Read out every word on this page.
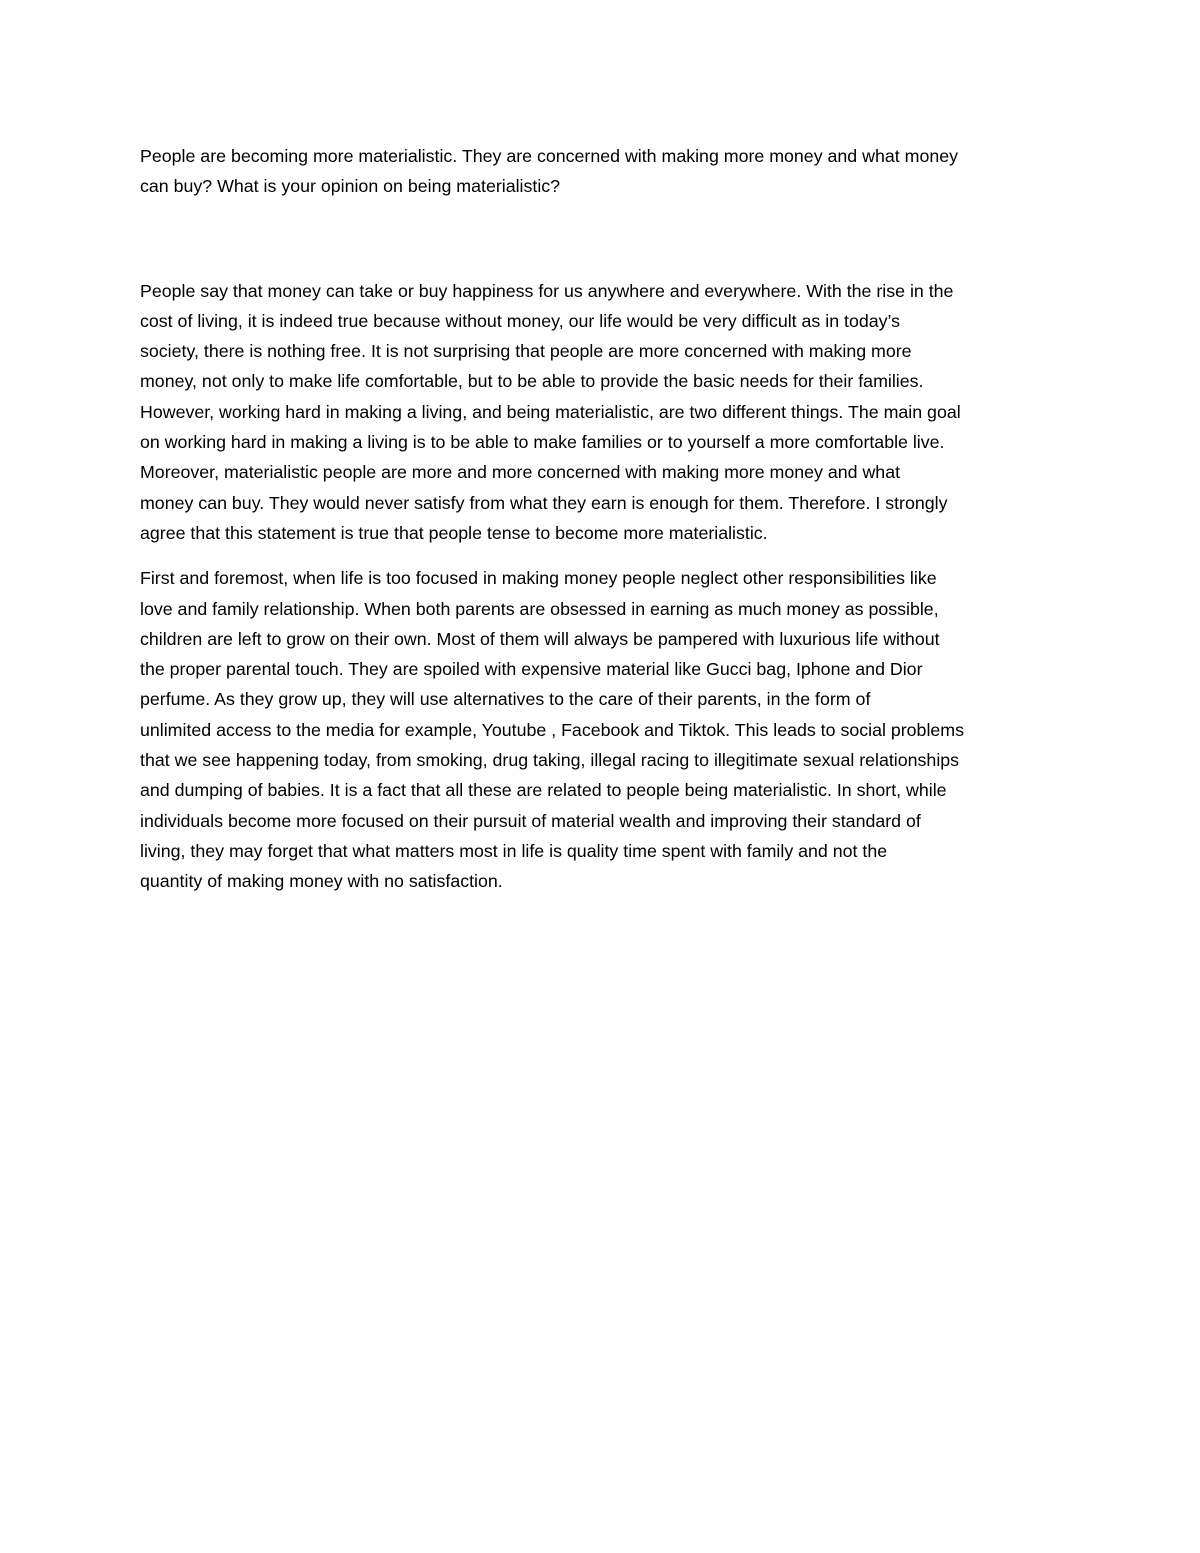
People are becoming more materialistic. They are concerned with making more money and what money
can buy? What is your opinion on being materialistic?

People say that money can take or buy happiness for us anywhere and everywhere. With the rise in the
cost of living, it is indeed true because without money, our life would be very difficult as in today’s
society, there is nothing free. It is not surprising that people are more concerned with making more
money, not only to make life comfortable, but to be able to provide the basic needs for their families.
However, working hard in making a living, and being materialistic, are two different things. The main goal
on working hard in making a living is to be able to make families or to yourself a more comfortable live.
Moreover, materialistic people are more and more concerned with making more money and what
money can buy. They would never satisfy from what they earn is enough for them. Therefore. I strongly
agree that this statement is true that people tense to become more materialistic.

First and foremost, when life is too focused in making money people neglect other responsibilities like
love and family relationship. When both parents are obsessed in earning as much money as possible,
children are left to grow on their own. Most of them will always be pampered with luxurious life without
the proper parental touch. They are spoiled with expensive material like Gucci bag, Iphone and Dior
perfume. As they grow up, they will use alternatives to the care of their parents, in the form of
unlimited access to the media for example, Youtube , Facebook and Tiktok. This leads to social problems
that we see happening today, from smoking, drug taking, illegal racing to illegitimate sexual relationships
and dumping of babies. It is a fact that all these are related to people being materialistic. In short, while
individuals become more focused on their pursuit of material wealth and improving their standard of
living, they may forget that what matters most in life is quality time spent with family and not the
quantity of making money with no satisfaction.
